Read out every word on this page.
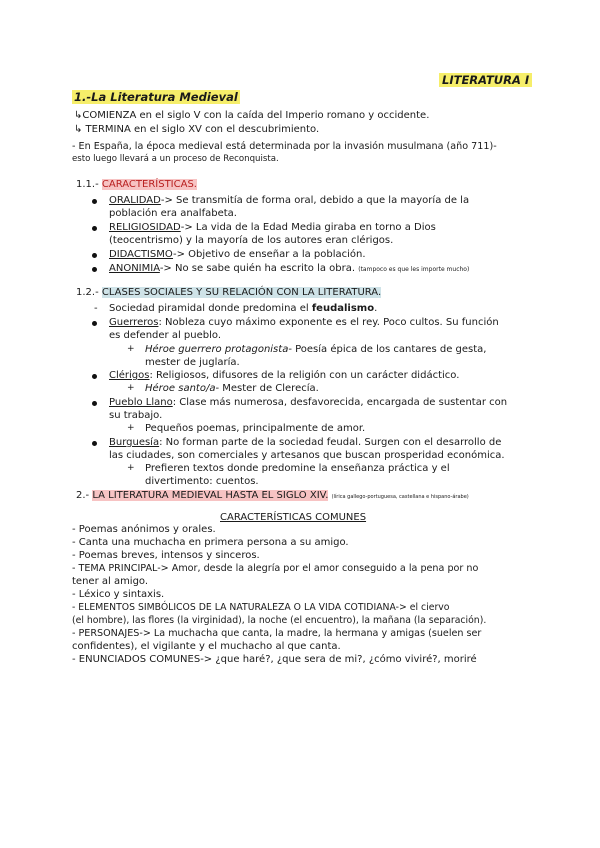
LITERATURA I
1.-La Literatura Medieval
↳COMIENZA en el siglo V con la caída del Imperio romano y occidente.
↳ TERMINA en el siglo XV con el descubrimiento.
- En España, la época medieval está determinada por la invasión musulmana (año 711)-
esto luego llevará a un proceso de Reconquista.
1.1.- CARACTERÍSTICAS.
ORALIDAD-> Se transmitía de forma oral, debido a que la mayoría de la
población era analfabeta.
RELIGIOSIDAD-> La vida de la Edad Media giraba en torno a Dios
(teocentrismo) y la mayoría de los autores eran clérigos.
DIDACTISMO-> Objetivo de enseñar a la población.
ANONIMIA-> No se sabe quién ha escrito la obra. (tampoco es que les importe mucho)
1.2.- CLASES SOCIALES Y SU RELACIÓN CON LA LITERATURA.
- Sociedad piramidal donde predomina el feudalismo.
Guerreros: Nobleza cuyo máximo exponente es el rey. Poco cultos. Su función
es defender al pueblo.
+ Héroe guerrero protagonista- Poesía épica de los cantares de gesta,
mester de juglaría.
Clérigos: Religiosos, difusores de la religión con un carácter didáctico.
+ Héroe santo/a- Mester de Clerecía.
Pueblo Llano: Clase más numerosa, desfavorecida, encargada de sustentar con
su trabajo.
+ Pequeños poemas, principalmente de amor.
Burguesía: No forman parte de la sociedad feudal. Surgen con el desarrollo de
las ciudades, son comerciales y artesanos que buscan prosperidad económica.
+ Prefieren textos donde predomine la enseñanza práctica y el
divertimento: cuentos.
2.- LA LITERATURA MEDIEVAL HASTA EL SIGLO XIV. (lírica gallego-portuguesa, castellana e hispano-árabe)
CARACTERÍSTICAS COMUNES
- Poemas anónimos y orales.
- Canta una muchacha en primera persona a su amigo.
- Poemas breves, intensos y sinceros.
- TEMA PRINCIPAL-> Amor, desde la alegría por el amor conseguido a la pena por no
tener al amigo.
- Léxico y sintaxis.
- ELEMENTOS SIMBÓLICOS DE LA NATURALEZA O LA VIDA COTIDIANA-> el ciervo
(el hombre), las flores (la virginidad), la noche (el encuentro), la mañana (la separación).
- PERSONAJES-> La muchacha que canta, la madre, la hermana y amigas (suelen ser
confidentes), el vigilante y el muchacho al que canta.
- ENUNCIADOS COMUNES-> ¿que haré?, ¿que sera de mi?, ¿cómo viviré?, moriré
